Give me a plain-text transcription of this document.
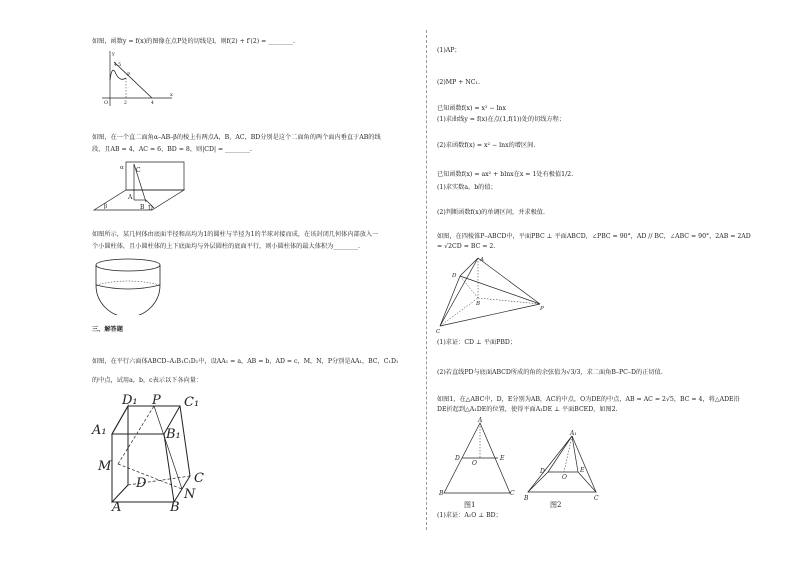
如图，函数y = f(x)的图像在点P处的切线是l，则f(2) + f′(2) = ________.
y
x
O
P
4.5
2	4
如图，在一个直二面角α–AB–β的棱上有两点A，B，AC，BD分别是这个二面角的两个面内垂直于AB的线
段，且AB = 4，AC = 6，BD = 8，则|CD| = ________.
α
β
C
A
B D
如图所示，某几何体由底面半径和高均为1的圆柱与半径为1的半球对接而成，在该封闭几何体内部放入一
个小圆柱体，且小圆柱体的上下底面均与外层圆柱的底面平行，则小圆柱体的最大体积为________.
三、解答题
如图，在平行六面体ABCD–A₁B₁C₁D₁中，设AA₁ = a，AB = b，AD = c，M，N，P分别是AA₁，BC，C₁D₁
的中点，试用a，b，c表示以下各向量：
D₁ P C₁
A₁	B₁
M
D	C
A	B
N
(1)AP；
(2)MP + NC₁.
已知函数f(x) = x² − lnx
(1)求曲线y = f(x)在点(1,f(1))处的切线方程；
(2)求函数f(x) = x² − lnx的增区间.
已知函数f(x) = ax² + blnx在x = 1处有极值1/2.
(1)求实数a，b的值；
(2)判断函数f(x)的单调区间，并求极值.
如图，在四棱锥P–ABCD中，平面PBC ⊥ 平面ABCD，∠PBC = 90°，AD // BC，∠ABC = 90°，2AB = 2AD
= √2CD = BC = 2.
A
D
B
P
C
(1)求证：CD ⊥ 平面PBD；
(2)若直线PD与底面ABCD所成的角的余弦值为√3/3，求二面角B–PC–D的正切值.
如图1，在△ABC中，D，E分别为AB，AC的中点，O为DE的中点，AB = AC = 2√5，BC = 4，将△ADE沿
DE折起到△A₁DE的位置，使得平面A₁DE ⊥ 平面BCED，如图2.
A
D
O
E
B	C
图1
A₁
D
O
E
B	C
图2
(1)求证：A₁O ⊥ BD；
